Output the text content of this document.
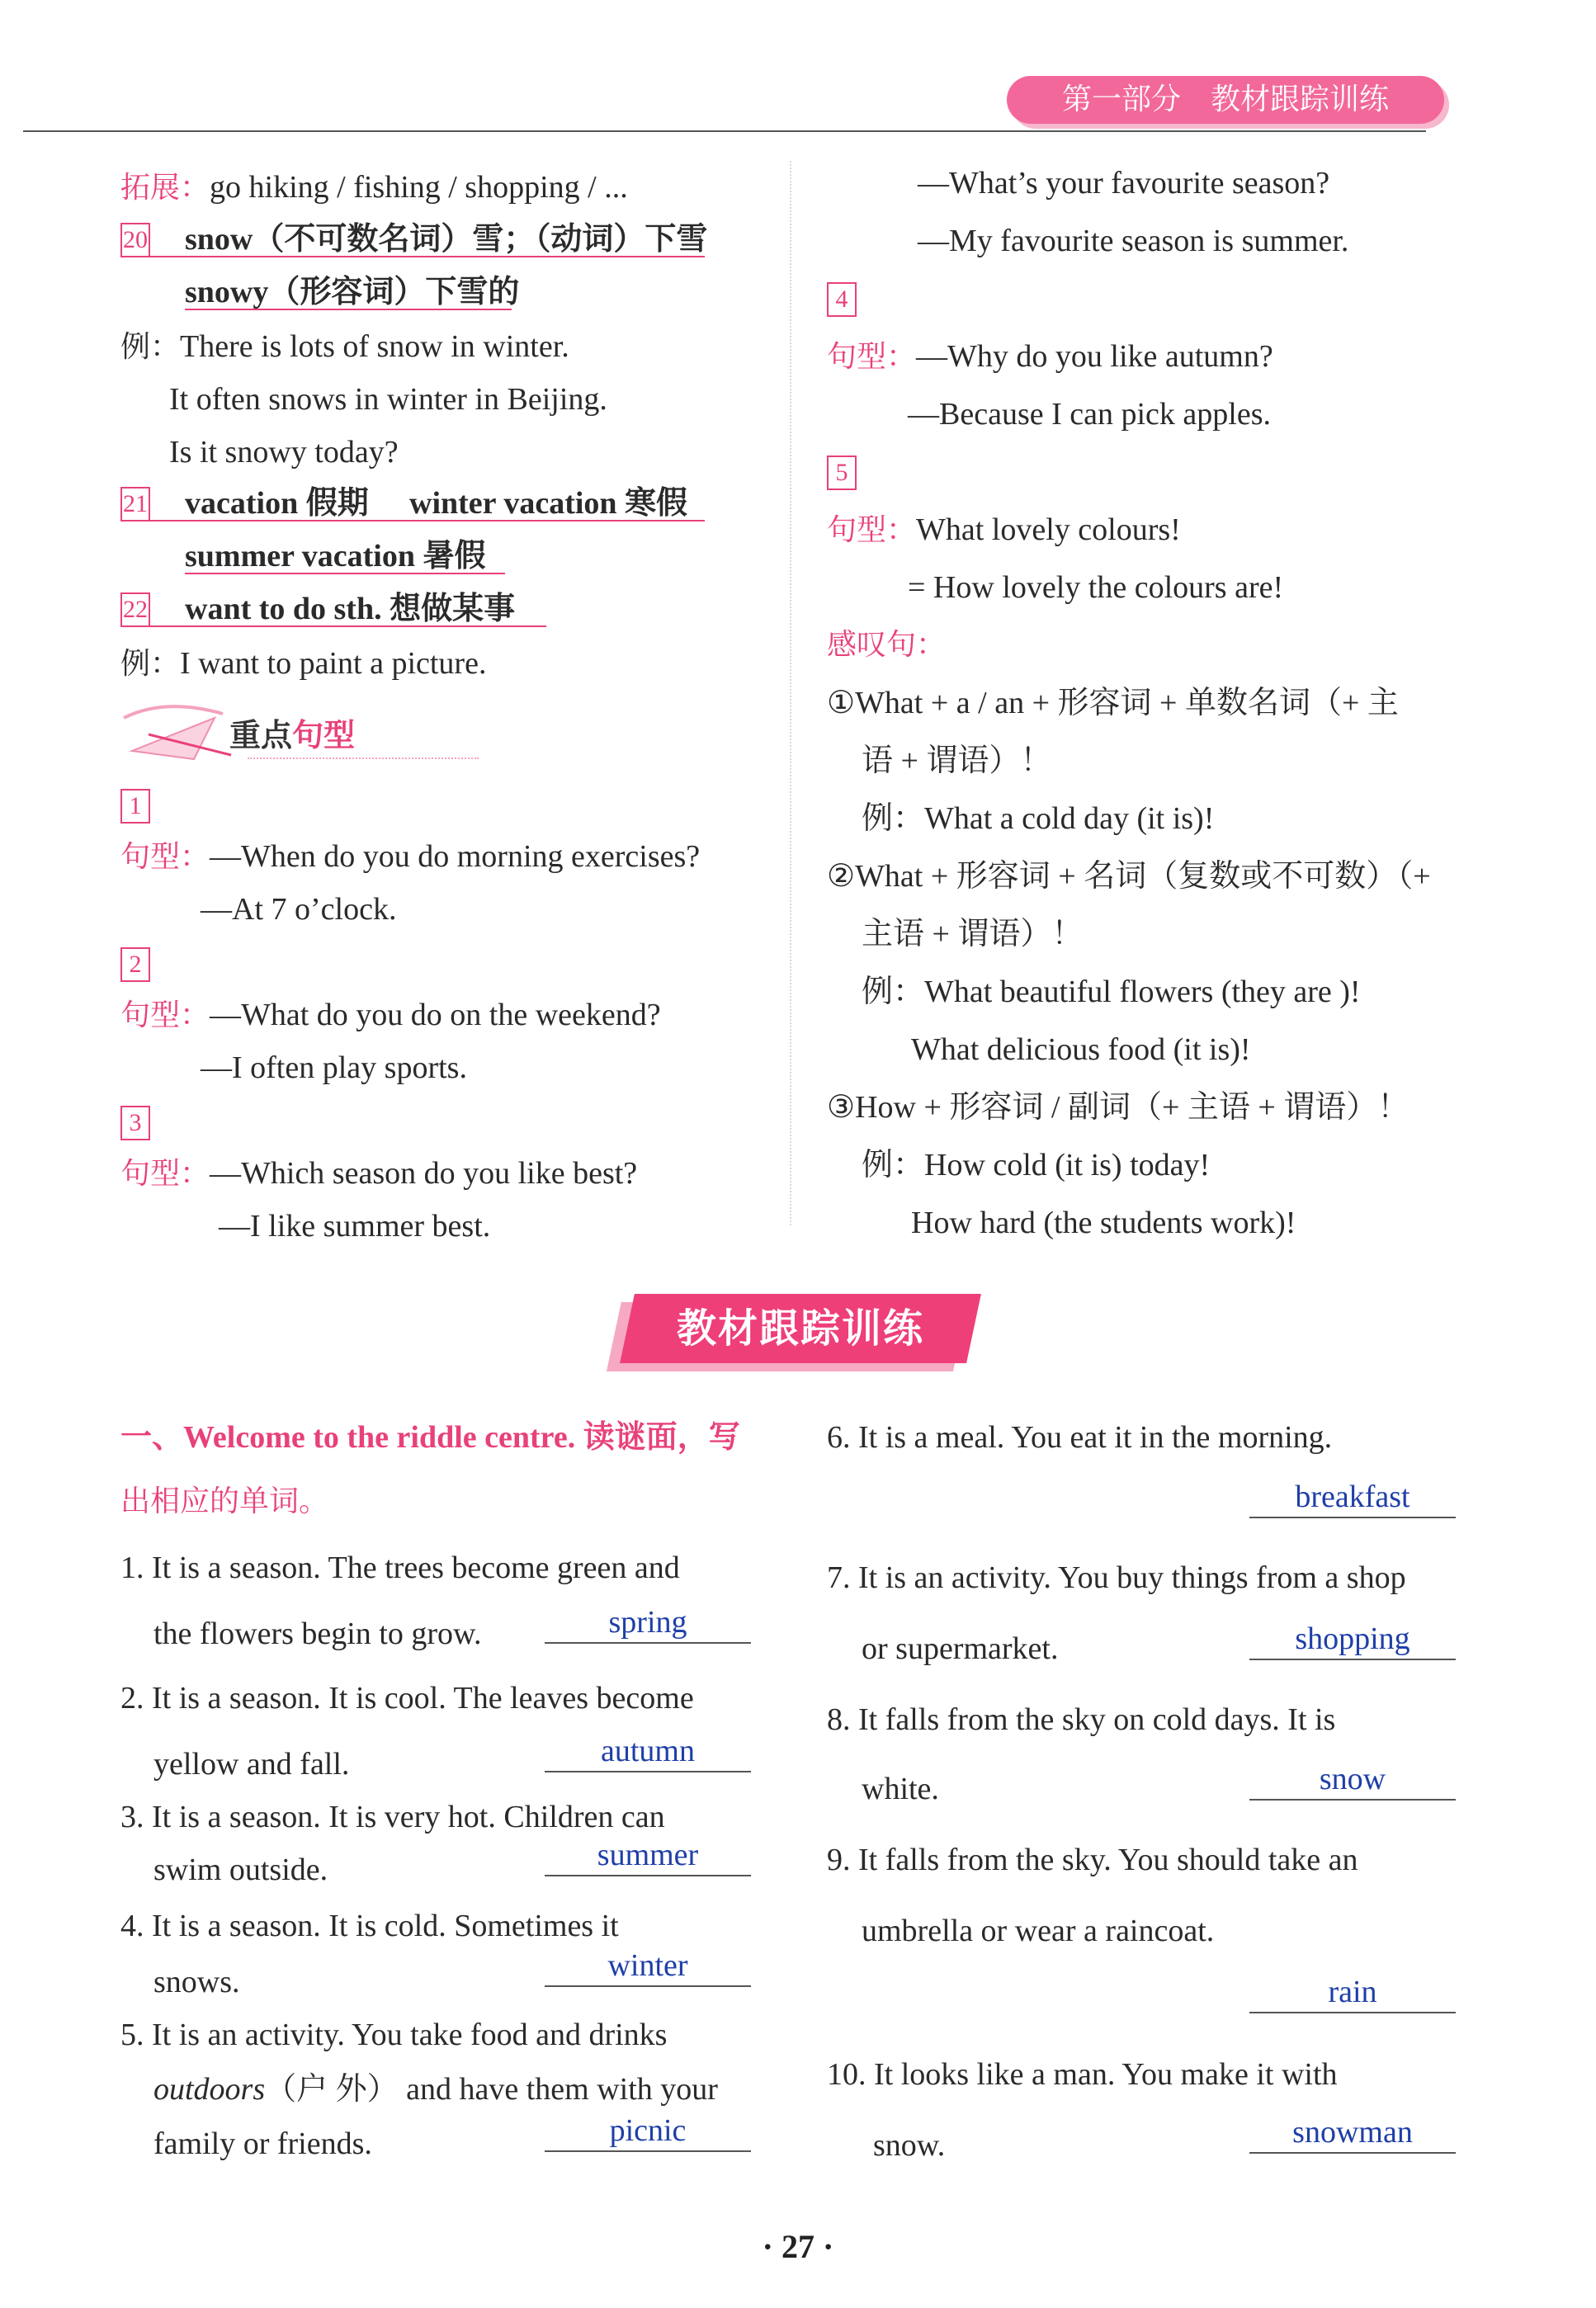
第一部分　教材跟踪训练
拓展：go hiking / fishing / shopping / ...
20 snow（不可数名词）雪；（动词）下雪
snowy（形容词）下雪的
例：There is lots of snow in winter.
It often snows in winter in Beijing.
Is it snowy today?
21 vacation 假期 winter vacation 寒假
summer vacation 暑假
22 want to do sth. 想做某事
例：I want to paint a picture.
重点句型
1
句型：—When do you do morning exercises?
—At 7 o’clock.
2
句型：—What do you do on the weekend?
—I often play sports.
3
句型：—Which season do you like best?
—I like summer best.
—What’s your favourite season?
—My favourite season is summer.
4
句型：—Why do you like autumn?
—Because I can pick apples.
5
句型：What lovely colours!
= How lovely the colours are!
感叹句：
①What + a / an + 形容词 + 单数名词（+ 主
语 + 谓语）！
例：What a cold day (it is)!
②What + 形容词 + 名词（复数或不可数）（+
主语 + 谓语）！
例：What beautiful flowers (they are )!
What delicious food (it is)!
③How + 形容词 / 副词（+ 主语 + 谓语）！
例：How cold (it is) today!
How hard (the students work)!
教材跟踪训练
一、Welcome to the riddle centre. 读谜面，写
出相应的单词。
1. It is a season. The trees become green and
the flowers begin to grow.	spring
2. It is a season. It is cool. The leaves become
yellow and fall.	autumn
3. It is a season. It is very hot. Children can
swim outside.	summer
4. It is a season. It is cold. Sometimes it
snows.	winter
5. It is an activity. You take food and drinks
outdoors（户 外） and have them with your
family or friends.	picnic
6. It is a meal. You eat it in the morning.
breakfast
7. It is an activity. You buy things from a shop
or supermarket.	shopping
8. It falls from the sky on cold days. It is
white.	snow
9. It falls from the sky. You should take an
umbrella or wear a raincoat.
rain
10. It looks like a man. You make it with
snow.	snowman
· 27 ·
